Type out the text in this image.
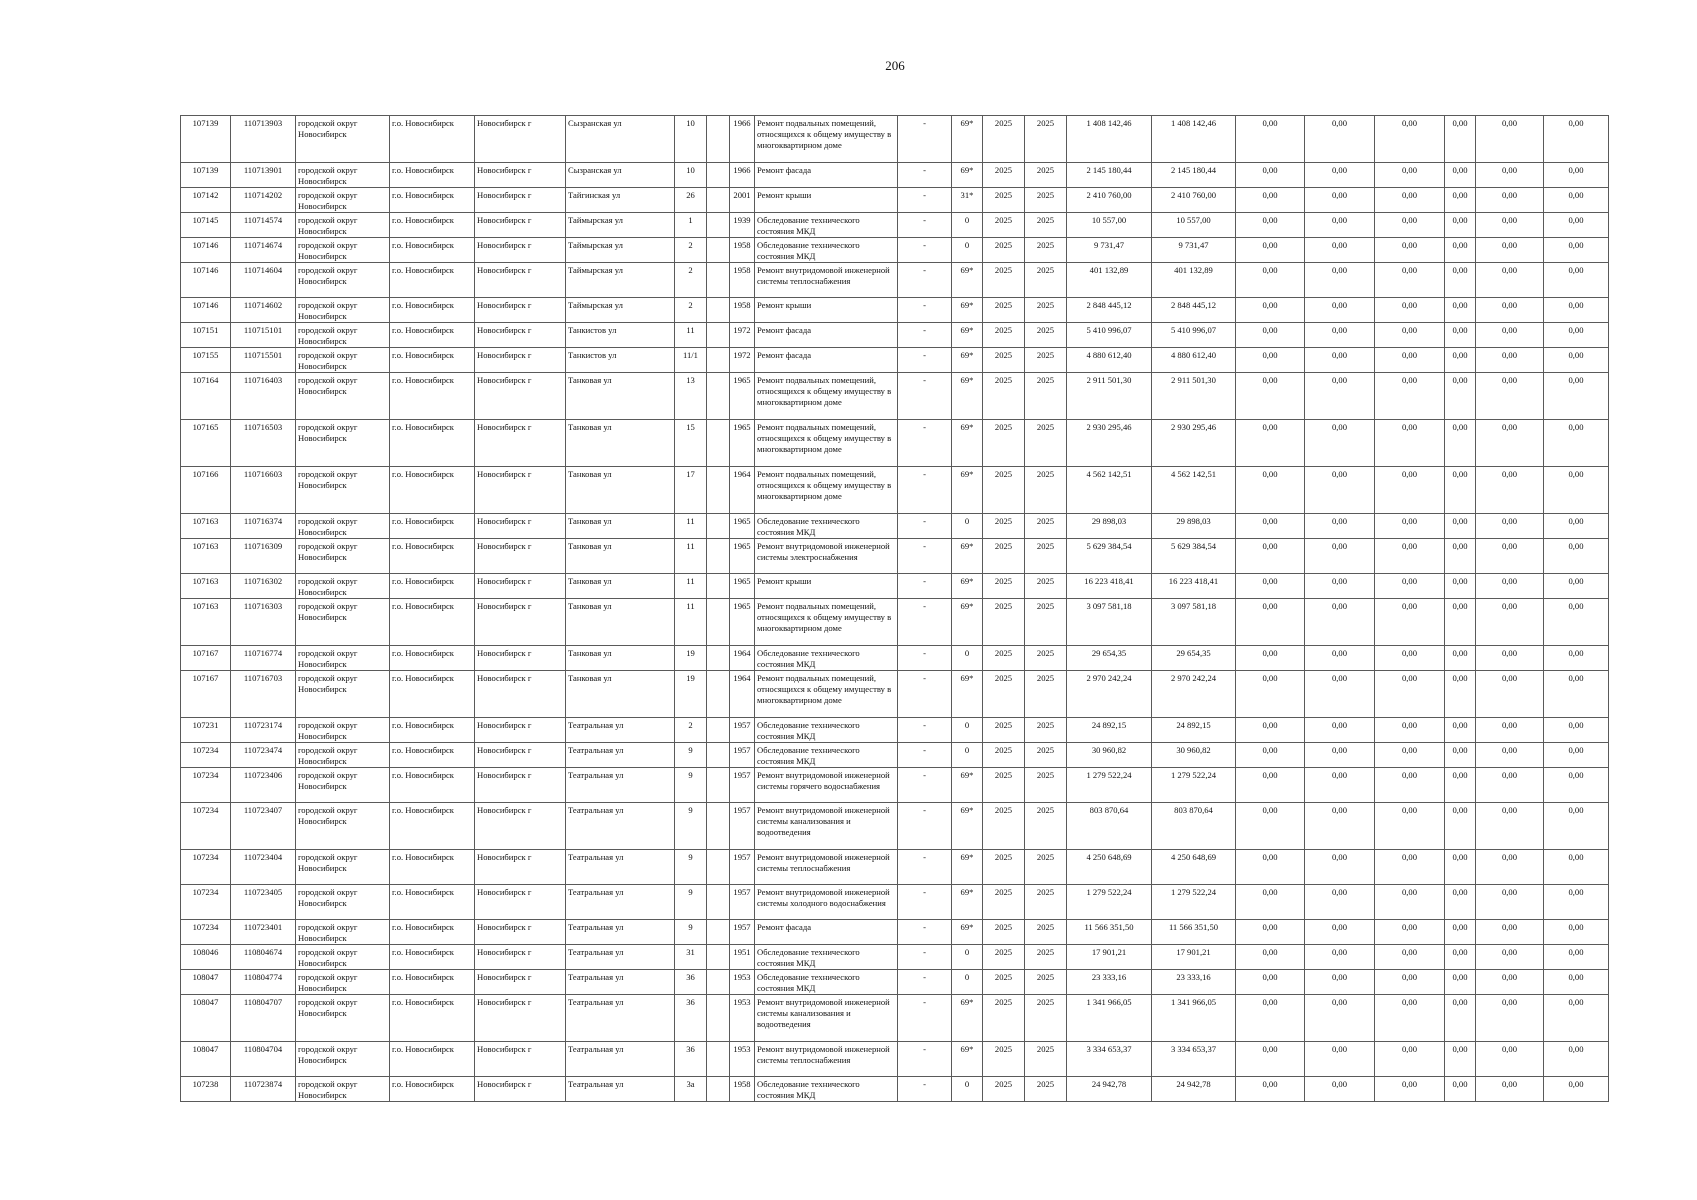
206
107139	110713903	городской округ Новосибирск	г.о. Новосибирск	Новосибирск г	Сызранская ул	10		1966	Ремонт подвальных помещений, относящихся к общему имуществу в многоквартирном доме	-	69*	2025	2025	1 408 142,46	1 408 142,46	0,00	0,00	0,00	0,00	0,00	0,00
107139	110713901	городской округ Новосибирск	г.о. Новосибирск	Новосибирск г	Сызранская ул	10		1966	Ремонт фасада	-	69*	2025	2025	2 145 180,44	2 145 180,44	0,00	0,00	0,00	0,00	0,00	0,00
107142	110714202	городской округ Новосибирск	г.о. Новосибирск	Новосибирск г	Тайгинская ул	26		2001	Ремонт крыши	-	31*	2025	2025	2 410 760,00	2 410 760,00	0,00	0,00	0,00	0,00	0,00	0,00
107145	110714574	городской округ Новосибирск	г.о. Новосибирск	Новосибирск г	Таймырская ул	1		1939	Обследование технического состояния МКД	-	0	2025	2025	10 557,00	10 557,00	0,00	0,00	0,00	0,00	0,00	0,00
107146	110714674	городской округ Новосибирск	г.о. Новосибирск	Новосибирск г	Таймырская ул	2		1958	Обследование технического состояния МКД	-	0	2025	2025	9 731,47	9 731,47	0,00	0,00	0,00	0,00	0,00	0,00
107146	110714604	городской округ Новосибирск	г.о. Новосибирск	Новосибирск г	Таймырская ул	2		1958	Ремонт внутридомовой инженерной системы теплоснабжения	-	69*	2025	2025	401 132,89	401 132,89	0,00	0,00	0,00	0,00	0,00	0,00
107146	110714602	городской округ Новосибирск	г.о. Новосибирск	Новосибирск г	Таймырская ул	2		1958	Ремонт крыши	-	69*	2025	2025	2 848 445,12	2 848 445,12	0,00	0,00	0,00	0,00	0,00	0,00
107151	110715101	городской округ Новосибирск	г.о. Новосибирск	Новосибирск г	Танкистов ул	11		1972	Ремонт фасада	-	69*	2025	2025	5 410 996,07	5 410 996,07	0,00	0,00	0,00	0,00	0,00	0,00
107155	110715501	городской округ Новосибирск	г.о. Новосибирск	Новосибирск г	Танкистов ул	11/1		1972	Ремонт фасада	-	69*	2025	2025	4 880 612,40	4 880 612,40	0,00	0,00	0,00	0,00	0,00	0,00
107164	110716403	городской округ Новосибирск	г.о. Новосибирск	Новосибирск г	Танковая ул	13		1965	Ремонт подвальных помещений, относящихся к общему имуществу в многоквартирном доме	-	69*	2025	2025	2 911 501,30	2 911 501,30	0,00	0,00	0,00	0,00	0,00	0,00
107165	110716503	городской округ Новосибирск	г.о. Новосибирск	Новосибирск г	Танковая ул	15		1965	Ремонт подвальных помещений, относящихся к общему имуществу в многоквартирном доме	-	69*	2025	2025	2 930 295,46	2 930 295,46	0,00	0,00	0,00	0,00	0,00	0,00
107166	110716603	городской округ Новосибирск	г.о. Новосибирск	Новосибирск г	Танковая ул	17		1964	Ремонт подвальных помещений, относящихся к общему имуществу в многоквартирном доме	-	69*	2025	2025	4 562 142,51	4 562 142,51	0,00	0,00	0,00	0,00	0,00	0,00
107163	110716374	городской округ Новосибирск	г.о. Новосибирск	Новосибирск г	Танковая ул	11		1965	Обследование технического состояния МКД	-	0	2025	2025	29 898,03	29 898,03	0,00	0,00	0,00	0,00	0,00	0,00
107163	110716309	городской округ Новосибирск	г.о. Новосибирск	Новосибирск г	Танковая ул	11		1965	Ремонт внутридомовой инженерной системы электроснабжения	-	69*	2025	2025	5 629 384,54	5 629 384,54	0,00	0,00	0,00	0,00	0,00	0,00
107163	110716302	городской округ Новосибирск	г.о. Новосибирск	Новосибирск г	Танковая ул	11		1965	Ремонт крыши	-	69*	2025	2025	16 223 418,41	16 223 418,41	0,00	0,00	0,00	0,00	0,00	0,00
107163	110716303	городской округ Новосибирск	г.о. Новосибирск	Новосибирск г	Танковая ул	11		1965	Ремонт подвальных помещений, относящихся к общему имуществу в многоквартирном доме	-	69*	2025	2025	3 097 581,18	3 097 581,18	0,00	0,00	0,00	0,00	0,00	0,00
107167	110716774	городской округ Новосибирск	г.о. Новосибирск	Новосибирск г	Танковая ул	19		1964	Обследование технического состояния МКД	-	0	2025	2025	29 654,35	29 654,35	0,00	0,00	0,00	0,00	0,00	0,00
107167	110716703	городской округ Новосибирск	г.о. Новосибирск	Новосибирск г	Танковая ул	19		1964	Ремонт подвальных помещений, относящихся к общему имуществу в многоквартирном доме	-	69*	2025	2025	2 970 242,24	2 970 242,24	0,00	0,00	0,00	0,00	0,00	0,00
107231	110723174	городской округ Новосибирск	г.о. Новосибирск	Новосибирск г	Театральная ул	2		1957	Обследование технического состояния МКД	-	0	2025	2025	24 892,15	24 892,15	0,00	0,00	0,00	0,00	0,00	0,00
107234	110723474	городской округ Новосибирск	г.о. Новосибирск	Новосибирск г	Театральная ул	9		1957	Обследование технического состояния МКД	-	0	2025	2025	30 960,82	30 960,82	0,00	0,00	0,00	0,00	0,00	0,00
107234	110723406	городской округ Новосибирск	г.о. Новосибирск	Новосибирск г	Театральная ул	9		1957	Ремонт внутридомовой инженерной системы горячего водоснабжения	-	69*	2025	2025	1 279 522,24	1 279 522,24	0,00	0,00	0,00	0,00	0,00	0,00
107234	110723407	городской округ Новосибирск	г.о. Новосибирск	Новосибирск г	Театральная ул	9		1957	Ремонт внутридомовой инженерной системы канализования и водоотведения	-	69*	2025	2025	803 870,64	803 870,64	0,00	0,00	0,00	0,00	0,00	0,00
107234	110723404	городской округ Новосибирск	г.о. Новосибирск	Новосибирск г	Театральная ул	9		1957	Ремонт внутридомовой инженерной системы теплоснабжения	-	69*	2025	2025	4 250 648,69	4 250 648,69	0,00	0,00	0,00	0,00	0,00	0,00
107234	110723405	городской округ Новосибирск	г.о. Новосибирск	Новосибирск г	Театральная ул	9		1957	Ремонт внутридомовой инженерной системы холодного водоснабжения	-	69*	2025	2025	1 279 522,24	1 279 522,24	0,00	0,00	0,00	0,00	0,00	0,00
107234	110723401	городской округ Новосибирск	г.о. Новосибирск	Новосибирск г	Театральная ул	9		1957	Ремонт фасада	-	69*	2025	2025	11 566 351,50	11 566 351,50	0,00	0,00	0,00	0,00	0,00	0,00
108046	110804674	городской округ Новосибирск	г.о. Новосибирск	Новосибирск г	Театральная ул	31		1951	Обследование технического состояния МКД	-	0	2025	2025	17 901,21	17 901,21	0,00	0,00	0,00	0,00	0,00	0,00
108047	110804774	городской округ Новосибирск	г.о. Новосибирск	Новосибирск г	Театральная ул	36		1953	Обследование технического состояния МКД	-	0	2025	2025	23 333,16	23 333,16	0,00	0,00	0,00	0,00	0,00	0,00
108047	110804707	городской округ Новосибирск	г.о. Новосибирск	Новосибирск г	Театральная ул	36		1953	Ремонт внутридомовой инженерной системы канализования и водоотведения	-	69*	2025	2025	1 341 966,05	1 341 966,05	0,00	0,00	0,00	0,00	0,00	0,00
108047	110804704	городской округ Новосибирск	г.о. Новосибирск	Новосибирск г	Театральная ул	36		1953	Ремонт внутридомовой инженерной системы теплоснабжения	-	69*	2025	2025	3 334 653,37	3 334 653,37	0,00	0,00	0,00	0,00	0,00	0,00
107238	110723874	городской округ Новосибирск	г.о. Новосибирск	Новосибирск г	Театральная ул	3а		1958	Обследование технического состояния МКД	-	0	2025	2025	24 942,78	24 942,78	0,00	0,00	0,00	0,00	0,00	0,00
